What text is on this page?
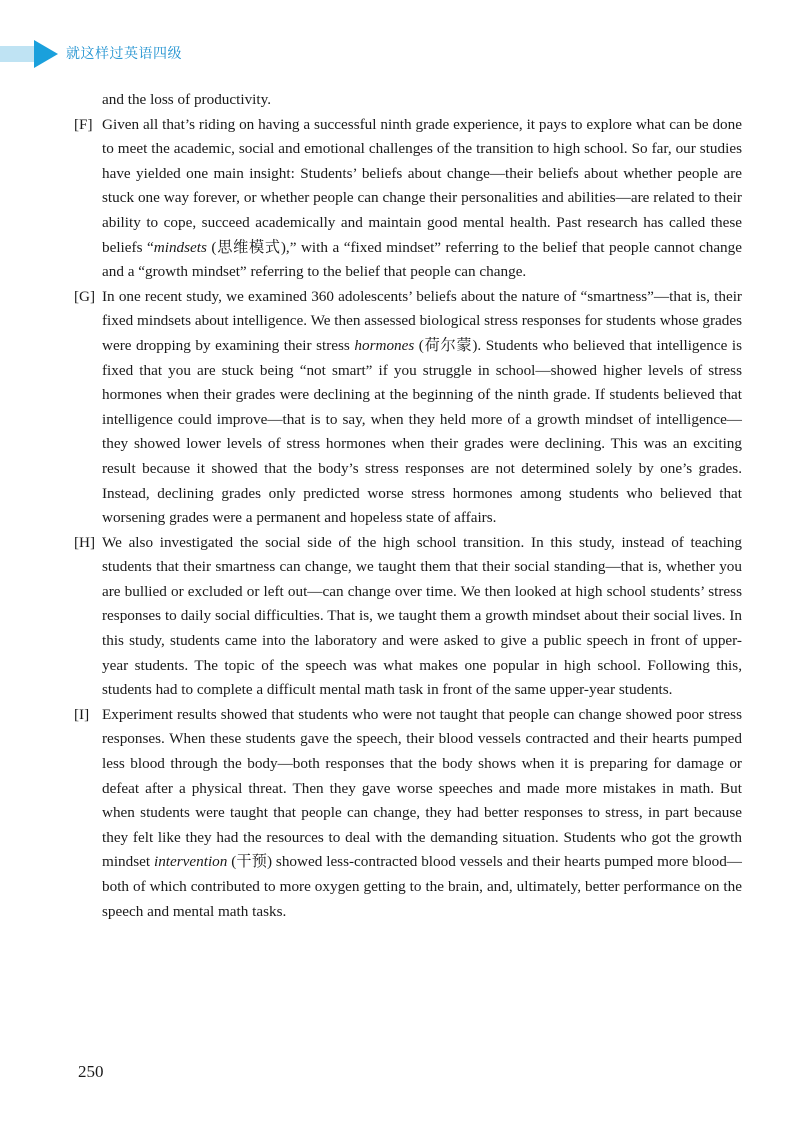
就这样过英语四级

and the loss of productivity.

[F] Given all that’s riding on having a successful ninth grade experience, it pays to explore what can be done to meet the academic, social and emotional challenges of the transition to high school. So far, our studies have yielded one main insight: Students’ beliefs about change—their beliefs about whether people are stuck one way forever, or whether people can change their personalities and abilities—are related to their ability to cope, succeed academically and maintain good mental health. Past research has called these beliefs “mindsets (思维模式),” with a “fixed mindset” referring to the belief that people cannot change and a “growth mindset” referring to the belief that people can change.

[G] In one recent study, we examined 360 adolescents’ beliefs about the nature of “smartness”—that is, their fixed mindsets about intelligence. We then assessed biological stress responses for students whose grades were dropping by examining their stress hormones (荷尔蒙). Students who believed that intelligence is fixed that you are stuck being “not smart” if you struggle in school—showed higher levels of stress hormones when their grades were declining at the beginning of the ninth grade. If students believed that intelligence could improve—that is to say, when they held more of a growth mindset of intelligence—they showed lower levels of stress hormones when their grades were declining. This was an exciting result because it showed that the body’s stress responses are not determined solely by one’s grades. Instead, declining grades only predicted worse stress hormones among students who believed that worsening grades were a permanent and hopeless state of affairs.

[H] We also investigated the social side of the high school transition. In this study, instead of teaching students that their smartness can change, we taught them that their social standing—that is, whether you are bullied or excluded or left out—can change over time. We then looked at high school students’ stress responses to daily social difficulties. That is, we taught them a growth mindset about their social lives. In this study, students came into the laboratory and were asked to give a public speech in front of upper-year students. The topic of the speech was what makes one popular in high school. Following this, students had to complete a difficult mental math task in front of the same upper-year students.

[I] Experiment results showed that students who were not taught that people can change showed poor stress responses. When these students gave the speech, their blood vessels contracted and their hearts pumped less blood through the body—both responses that the body shows when it is preparing for damage or defeat after a physical threat. Then they gave worse speeches and made more mistakes in math. But when students were taught that people can change, they had better responses to stress, in part because they felt like they had the resources to deal with the demanding situation. Students who got the growth mindset intervention (干预) showed less-contracted blood vessels and their hearts pumped more blood—both of which contributed to more oxygen getting to the brain, and, ultimately, better performance on the speech and mental math tasks.

250
